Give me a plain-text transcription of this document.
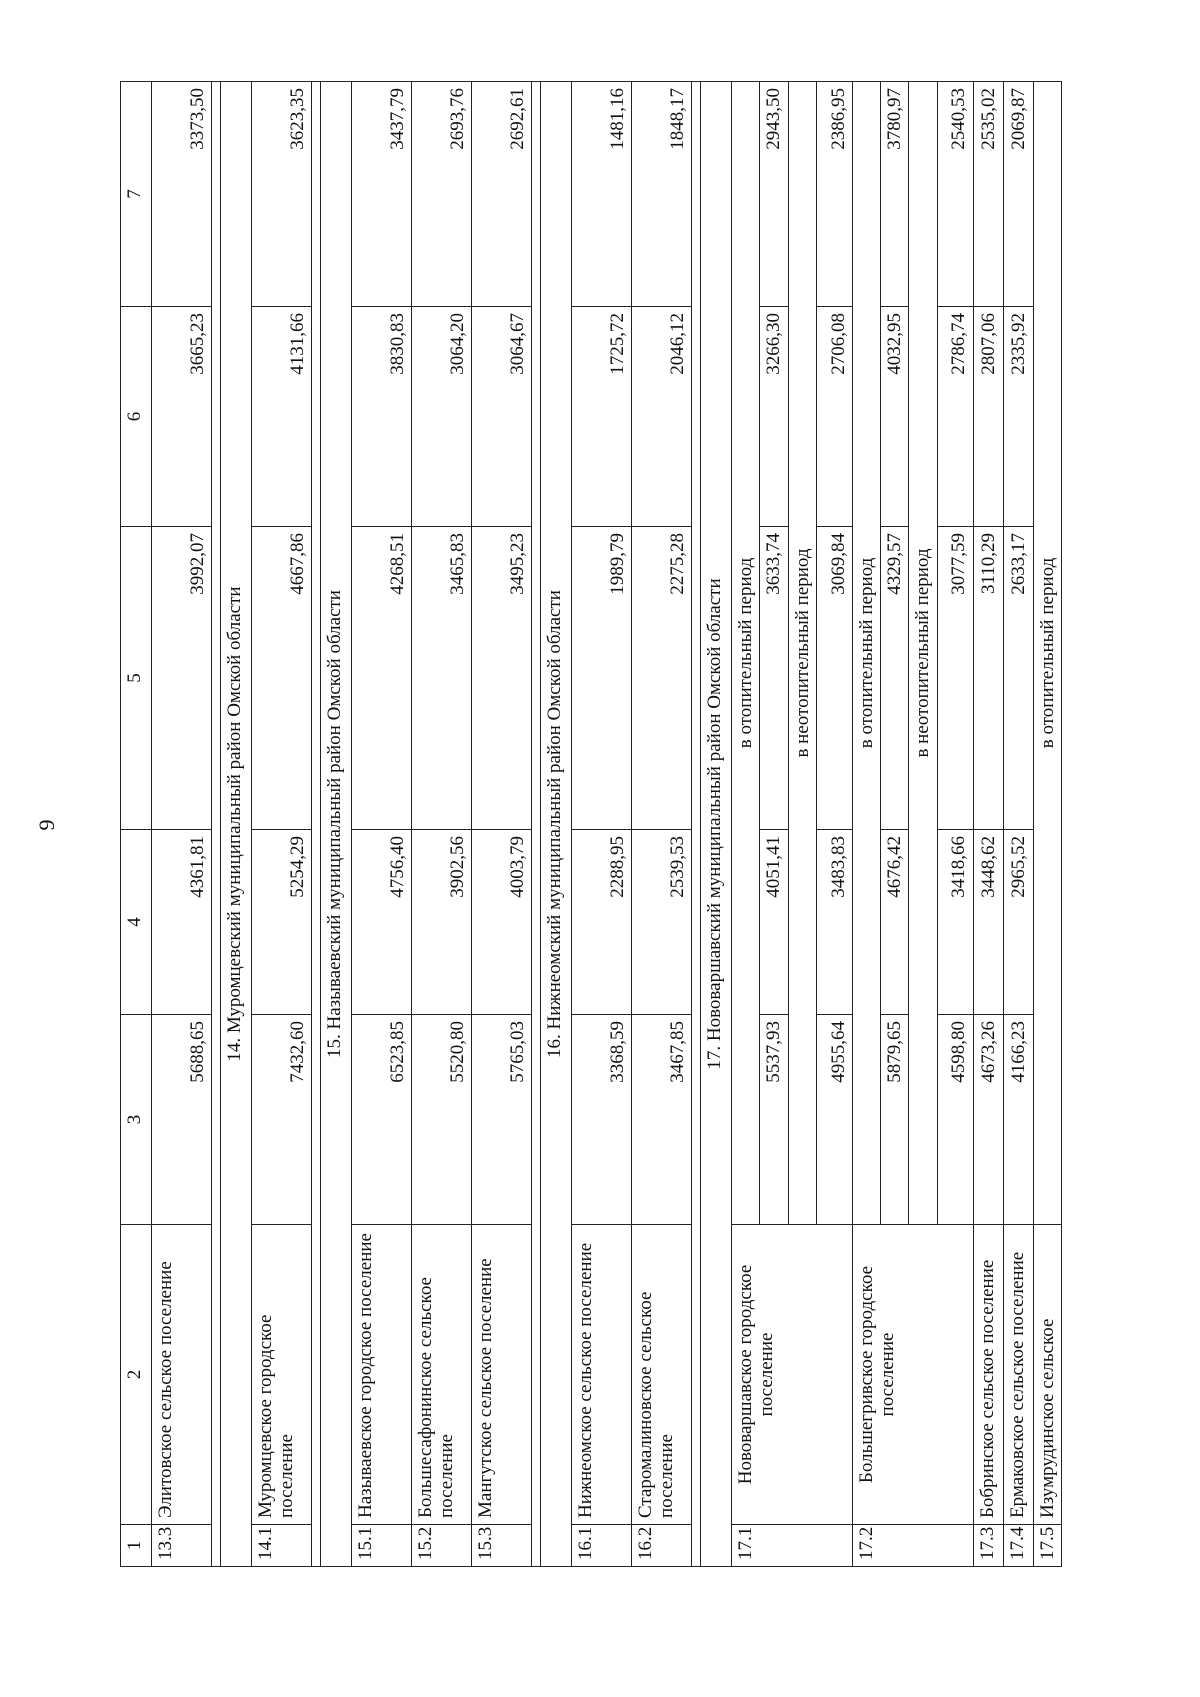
9
1	2	3	4	5	6	7
13.3	Элитовское сельское поселение	5688,65	4361,81	3992,07	3665,23	3373,50

14. Муромцевский муниципальный район Омской области						
14.1	Муромцевское городское поселение	7432,60	5254,29	4667,86	4131,66	3623,35

15. Называевский муниципальный район Омской области						
15.1	Называевское городское поселение	6523,85	4756,40	4268,51	3830,83	3437,79
15.2	Большесафонинское сельское поселение	5520,80	3902,56	3465,83	3064,20	2693,76
15.3	Мангутское сельское поселение	5765,03	4003,79	3495,23	3064,67	2692,61

16. Нижнеомский муниципальный район Омской области						
16.1	Нижнеомское сельское поселение	3368,59	2288,95	1989,79	1725,72	1481,16
16.2	Старомалиновское сельское поселение	3467,85	2539,53	2275,28	2046,12	1848,17

17. Нововаршавский муниципальный район Омской области						
17.1	Нововаршавское городское поселение	в отопительный период				
		5537,93	4051,41	3633,74	3266,30	2943,50
		в неотопительный период				
		4955,64	3483,83	3069,84	2706,08	2386,95
17.2	Большегривское городское поселение	в отопительный период				
		5879,65	4676,42	4329,57	4032,95	3780,97
		в неотопительный период				
		4598,80	3418,66	3077,59	2786,74	2540,53
17.3	Бобринское сельское поселение	4673,26	3448,62	3110,29	2807,06	2535,02
17.4	Ермаковское сельское поселение	4166,23	2965,52	2633,17	2335,92	2069,87
17.5	Изумрудинское сельское	в отопительный период				
